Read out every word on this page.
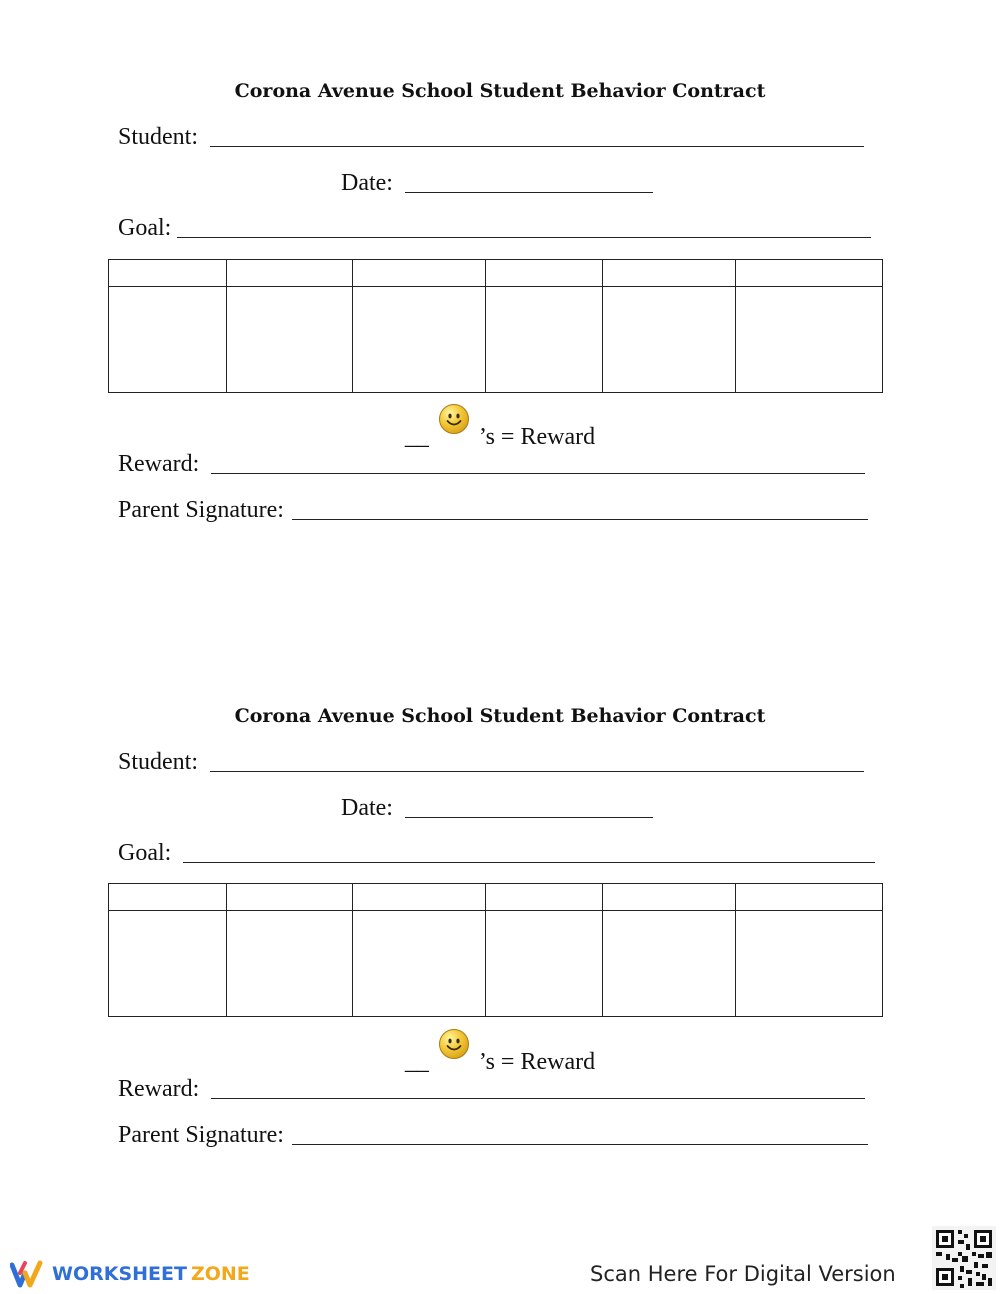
Corona Avenue School Student Behavior Contract
Student:
Date:
Goal:

__ ’s = Reward
Reward:
Parent Signature:
Corona Avenue School Student Behavior Contract
Student:
Date:
Goal:

__ ’s = Reward
Reward:
Parent Signature:
WORKSHEET ZONE	Scan Here For Digital Version
